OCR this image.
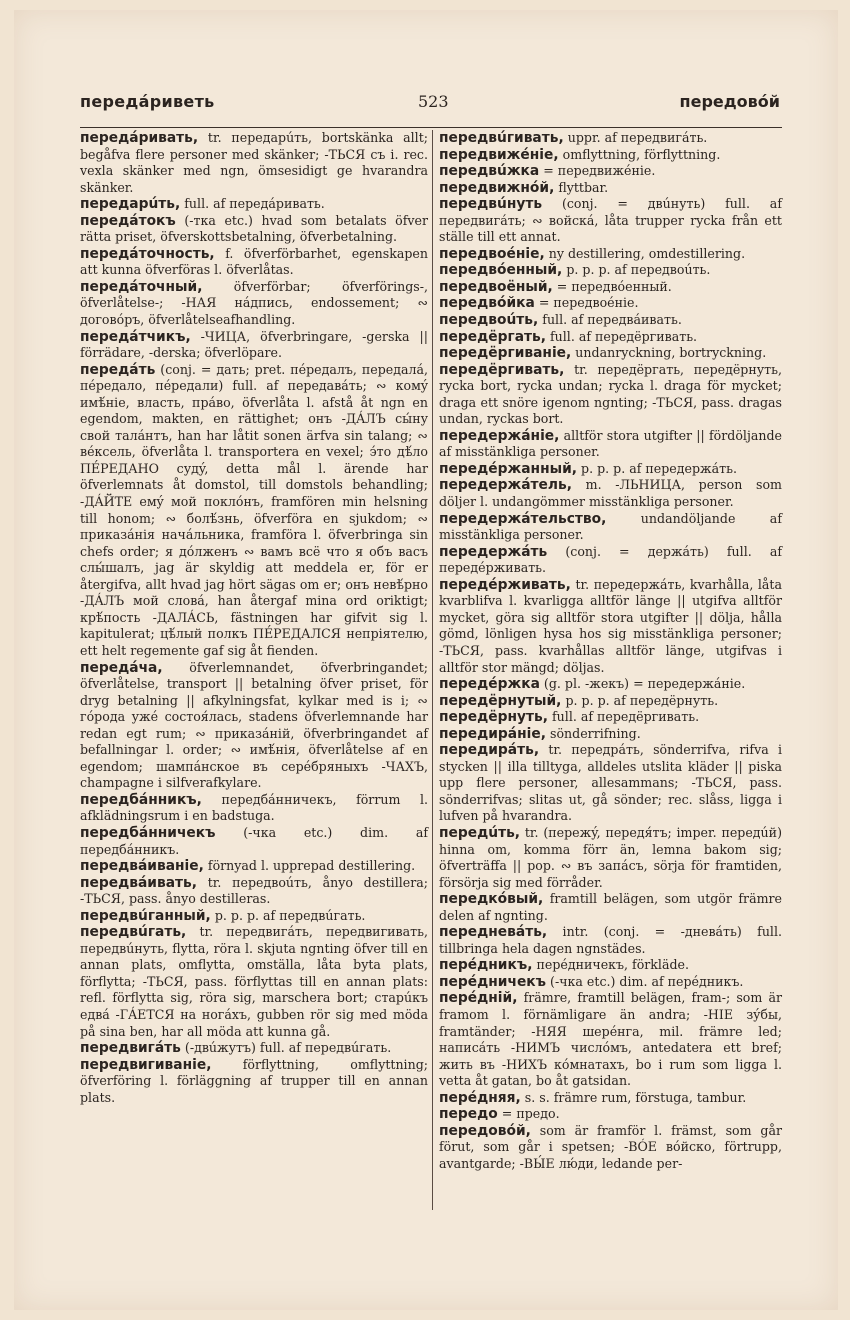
передáриветь	523	передовóй

передáривать, tr. передарúть, bortskänka allt; begåfva flere personer med skänker; -ТЬСЯ съ i. rec. vexla skänker med ngn, ömsesidigt ge hvarandra skänker.

передарúть, full. af передáривать.

передáтокъ (-тка etc.) hvad som betalats öfver rätta priset, öfverskottsbetalning, öfverbetalning.

передáточность, f. öfverförbarhet, egenskapen att kunna öfverföras l. öfverlåtas.

передáточный, öfverförbar; öfverförings-, öfverlåtelse-; -НАЯ нáдпись, endossement; ∾ договóръ, öfverlåtelseafhandling.

передáтчикъ, -ЧИЦА, öfverbringare, -gerska || förrädare, -derska; öfverlöpare.

передáть (conj. = дать; pret. пéредалъ, передалá, пéредало, пéредали) full. af передавáть; ∾ комý имѣ́ніе, власть, прáво, öfverlåta l. afstå åt ngn en egendom, makten, en rättighet; онъ -ДÁЛЪ сы́ну свой талáнтъ, han har låtit sonen ärfva sin talang; ∾ вéксель, öfverlåta l. transportera en vexel; э́то дѣ́ло ПЕ́РЕДАНО судý, detta mål l. ärende har öfverlemnats åt domstol, till domstols behandling; -ДÁЙТЕ емý мой поклóнъ, framfören min helsning till honom; ∾ болѣ́знь, öfverföra en sjukdom; ∾ приказáнія начáльника, framföra l. öfverbringa sin chefs order; я дóлженъ ∾ вамъ всё что я объ васъ слы́шалъ, jag är skyldig att meddela er, för er återgifva, allt hvad jag hört sägas om er; онъ невѣ́рно -ДÁЛЪ мой словá, han återgaf mina ord oriktigt; крѣ́пость -ДАЛÁСЬ, fästningen har gifvit sig l. kapitulerat; цѣ́лый полкъ ПЕ́РЕДАЛСЯ непріятелю, ett helt regemente gaf sig åt fienden.

передáча, öfverlemnandet, öfverbringandet; öfverlåtelse, transport || betalning öfver priset, för dryg betalning || afkylningsfat, kylkar med is i; ∾ гóрода ужé состоя́лась, stadens öfverlemnande har redan egt rum; ∾ приказáній, öfverbringandet af befallningar l. order; ∾ имѣ́нія, öfverlåtelse af en egendom; шампáнское въ серéбряныхъ -ЧАХЪ, champagne i silfverafkylare.

передбáнникъ, передбáнничекъ, förrum l. afklädningsrum i en badstuga.

передбáнничекъ (-чка etc.) dim. af передбáнникъ.

передвáиваніе, förnyad l. upprepad destillering.

передвáивать, tr. передвоúть, ånyo destillera; -ТЬСЯ, pass. ånyo destilleras.

передвúганный, p. p. p. af передвúгать.

передвúгать, tr. передвигáть, передвигивать, передвúнуть, flytta, röra l. skjuta ngnting öfver till en annan plats, omflytta, omställa, låta byta plats, förflytta; -ТЬСЯ, pass. förflyttas till en annan plats: refl. förflytta sig, röra sig, marschera bort; старúкъ едвá -ГÁЕТСЯ на ногáхъ, gubben rör sig med möda på sina ben, har all möda att kunna gå.

передвигáть (-двúжутъ) full. af передвúгать.

передвигиваніе, förflyttning, omflyttning; öfverföring l. förläggning af trupper till en annan plats.

передвúгивать, uppr. af передвигáть.

передвижéніе, omflyttning, förflyttning.

передвúжка = передвижéніе.

передвижнóй, flyttbar.

передвúнуть (conj. = двúнуть) full. af передвигáть; ∾ войскá, låta trupper rycka från ett ställe till ett annat.

передвоéніе, ny destillering, omdestillering.

передвóенный, p. p. p. af передвоúть.

передвоёный, = передвóенный.

передвóйка = передвоéніе.

передвоúть, full. af передвáивать.

передёргать, full. af передёргивать.

передёргиваніе, undanryckning, bortryckning.

передёргивать, tr. передёргать, передёрнуть, rycka bort, rycka undan; rycka l. draga för mycket; draga ett snöre igenom ngnting; -ТЬСЯ, pass. dragas undan, ryckas bort.

передержáніе, alltför stora utgifter || fördöljande af misstänkliga personer.

передéржанный, p. p. p. af передержáть.

передержáтель, m. -ЛЬНИЦА, person som döljer l. undangömmer misstänkliga personer.

передержáтельство,	undandöljande af misstänkliga personer.

передержáть (conj. = держáть) full. af передéрживать.

передéрживать, tr. передержáть, kvarhålla, låta kvarblifva l. kvarligga alltför länge || utgifva alltför mycket, göra sig alltför stora utgifter || dölja, hålla gömd, lönligen hysa hos sig misstänkliga personer; -ТЬСЯ, pass. kvarhållas alltför länge, utgifvas i alltför stor mängd; döljas.

передéржка (g. pl. -жекъ) = передержáніе.

передёрнутый, p. p. p. af передёрнуть.

передёрнуть, full. af передёргивать.

передирáніе, sönderrifning.

передирáть, tr. передрáть, sönderrifva, rifva i stycken || illa tilltyga, alldeles utslita kläder || piska upp flere personer, allesammans; -ТЬСЯ, pass. sönderrifvas; slitas ut, gå sönder; rec. slåss, ligga i lufven på hvarandra.

передúть, tr. (пережý, передя́тъ; imper. передúй) hinna om, komma förr än, lemna bakom sig; öfverträffa || pop. ∾ въ запáсъ, sörja för framtiden, försörja sig med förråder.

передкóвый, framtill belägen, som utgör främre delen af ngnting.

передневáть, intr. (conj. = -дневáть) full. tillbringa hela dagen ngnstädes.

перéдникъ, перéдничекъ, förkläde.

перéдничекъ (-чка etc.) dim. af перéдникъ.

перéдній, främre, framtill belägen, fram-; som är framom l. förnämligare än andra; -НІЕ зýбы, framtänder; -НЯЯ шерéнга, mil. främre led; написáть -НИМЪ числóмъ, antedatera ett bref; жить въ -НИХЪ кóмнатахъ, bo i rum som ligga l. vetta åt gatan, bo åt gatsidan.

перéдняя, s. s. främre rum, förstuga, tambur.

передо = предо.

передовóй, som är framför l. främst, som går förut, som går i spetsen; -ВÓЕ вóйско, förtrupp, avantgarde; -ВЫ́Е лю́ди, ledande per-
